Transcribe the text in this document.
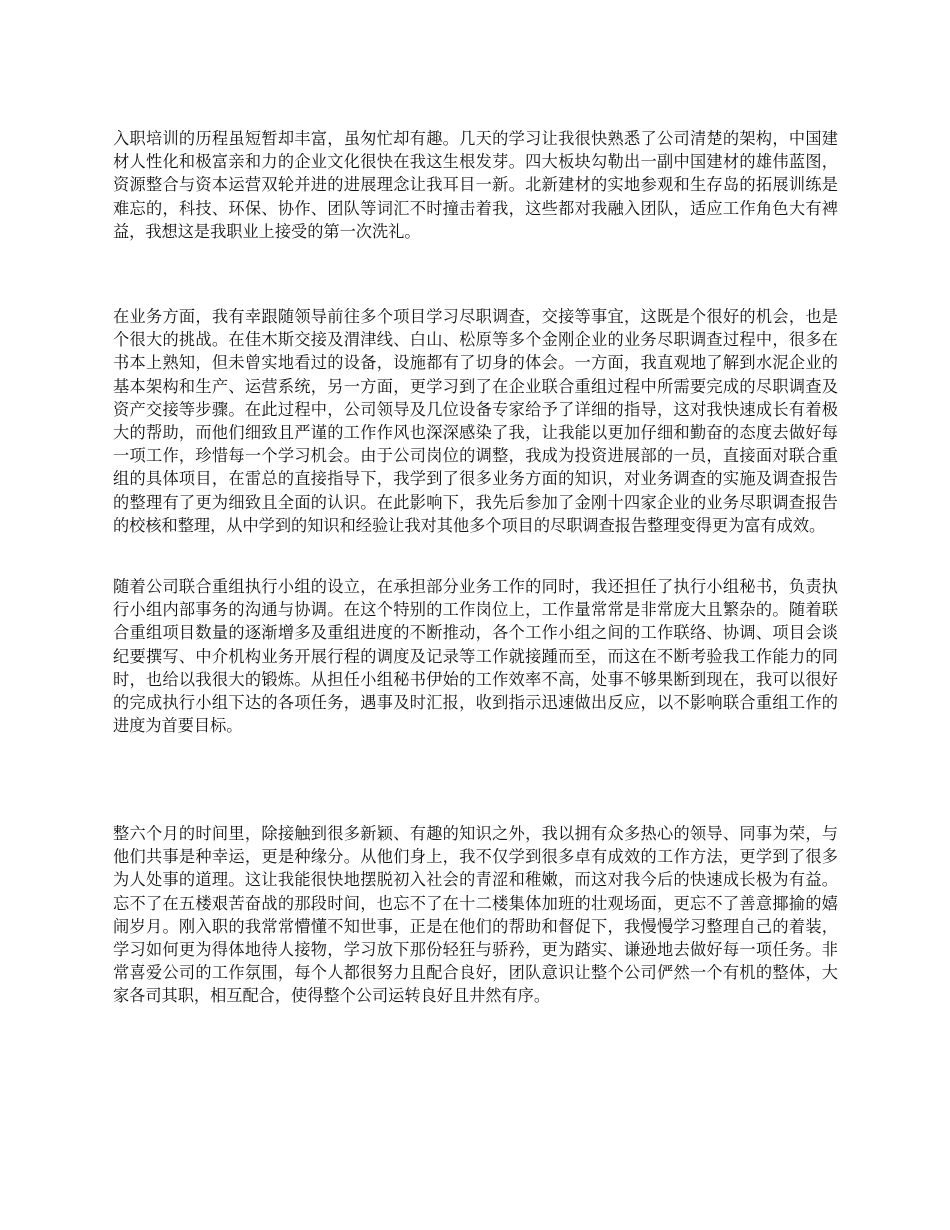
入职培训的历程虽短暂却丰富，虽匆忙却有趣。几天的学习让我很快熟悉了公司清楚的架构，中国建材人性化和极富亲和力的企业文化很快在我这生根发芽。四大板块勾勒出一副中国建材的雄伟蓝图，资源整合与资本运营双轮并进的进展理念让我耳目一新。北新建材的实地参观和生存岛的拓展训练是难忘的，科技、环保、协作、团队等词汇不时撞击着我，这些都对我融入团队，适应工作角色大有裨益，我想这是我职业上接受的第一次洗礼。

在业务方面，我有幸跟随领导前往多个项目学习尽职调查，交接等事宜，这既是个很好的机会，也是个很大的挑战。在佳木斯交接及渭津线、白山、松原等多个金刚企业的业务尽职调查过程中，很多在书本上熟知，但未曾实地看过的设备，设施都有了切身的体会。一方面，我直观地了解到水泥企业的基本架构和生产、运营系统，另一方面，更学习到了在企业联合重组过程中所需要完成的尽职调查及资产交接等步骤。在此过程中，公司领导及几位设备专家给予了详细的指导，这对我快速成长有着极大的帮助，而他们细致且严谨的工作作风也深深感染了我，让我能以更加仔细和勤奋的态度去做好每一项工作，珍惜每一个学习机会。由于公司岗位的调整，我成为投资进展部的一员，直接面对联合重组的具体项目，在雷总的直接指导下，我学到了很多业务方面的知识，对业务调查的实施及调查报告的整理有了更为细致且全面的认识。在此影响下，我先后参加了金刚十四家企业的业务尽职调查报告的校核和整理，从中学到的知识和经验让我对其他多个项目的尽职调查报告整理变得更为富有成效。

随着公司联合重组执行小组的设立，在承担部分业务工作的同时，我还担任了执行小组秘书，负责执行小组内部事务的沟通与协调。在这个特别的工作岗位上，工作量常常是非常庞大且繁杂的。随着联合重组项目数量的逐渐增多及重组进度的不断推动，各个工作小组之间的工作联络、协调、项目会谈纪要撰写、中介机构业务开展行程的调度及记录等工作就接踵而至，而这在不断考验我工作能力的同时，也给以我很大的锻炼。从担任小组秘书伊始的工作效率不高，处事不够果断到现在，我可以很好的完成执行小组下达的各项任务，遇事及时汇报，收到指示迅速做出反应，以不影响联合重组工作的进度为首要目标。

整六个月的时间里，除接触到很多新颖、有趣的知识之外，我以拥有众多热心的领导、同事为荣，与他们共事是种幸运，更是种缘分。从他们身上，我不仅学到很多卓有成效的工作方法，更学到了很多为人处事的道理。这让我能很快地摆脱初入社会的青涩和稚嫩，而这对我今后的快速成长极为有益。忘不了在五楼艰苦奋战的那段时间，也忘不了在十二楼集体加班的壮观场面，更忘不了善意揶揄的嬉闹岁月。刚入职的我常常懵懂不知世事，正是在他们的帮助和督促下，我慢慢学习整理自己的着装，学习如何更为得体地待人接物，学习放下那份轻狂与骄矜，更为踏实、谦逊地去做好每一项任务。非常喜爱公司的工作氛围，每个人都很努力且配合良好，团队意识让整个公司俨然一个有机的整体，大家各司其职，相互配合，使得整个公司运转良好且井然有序。
